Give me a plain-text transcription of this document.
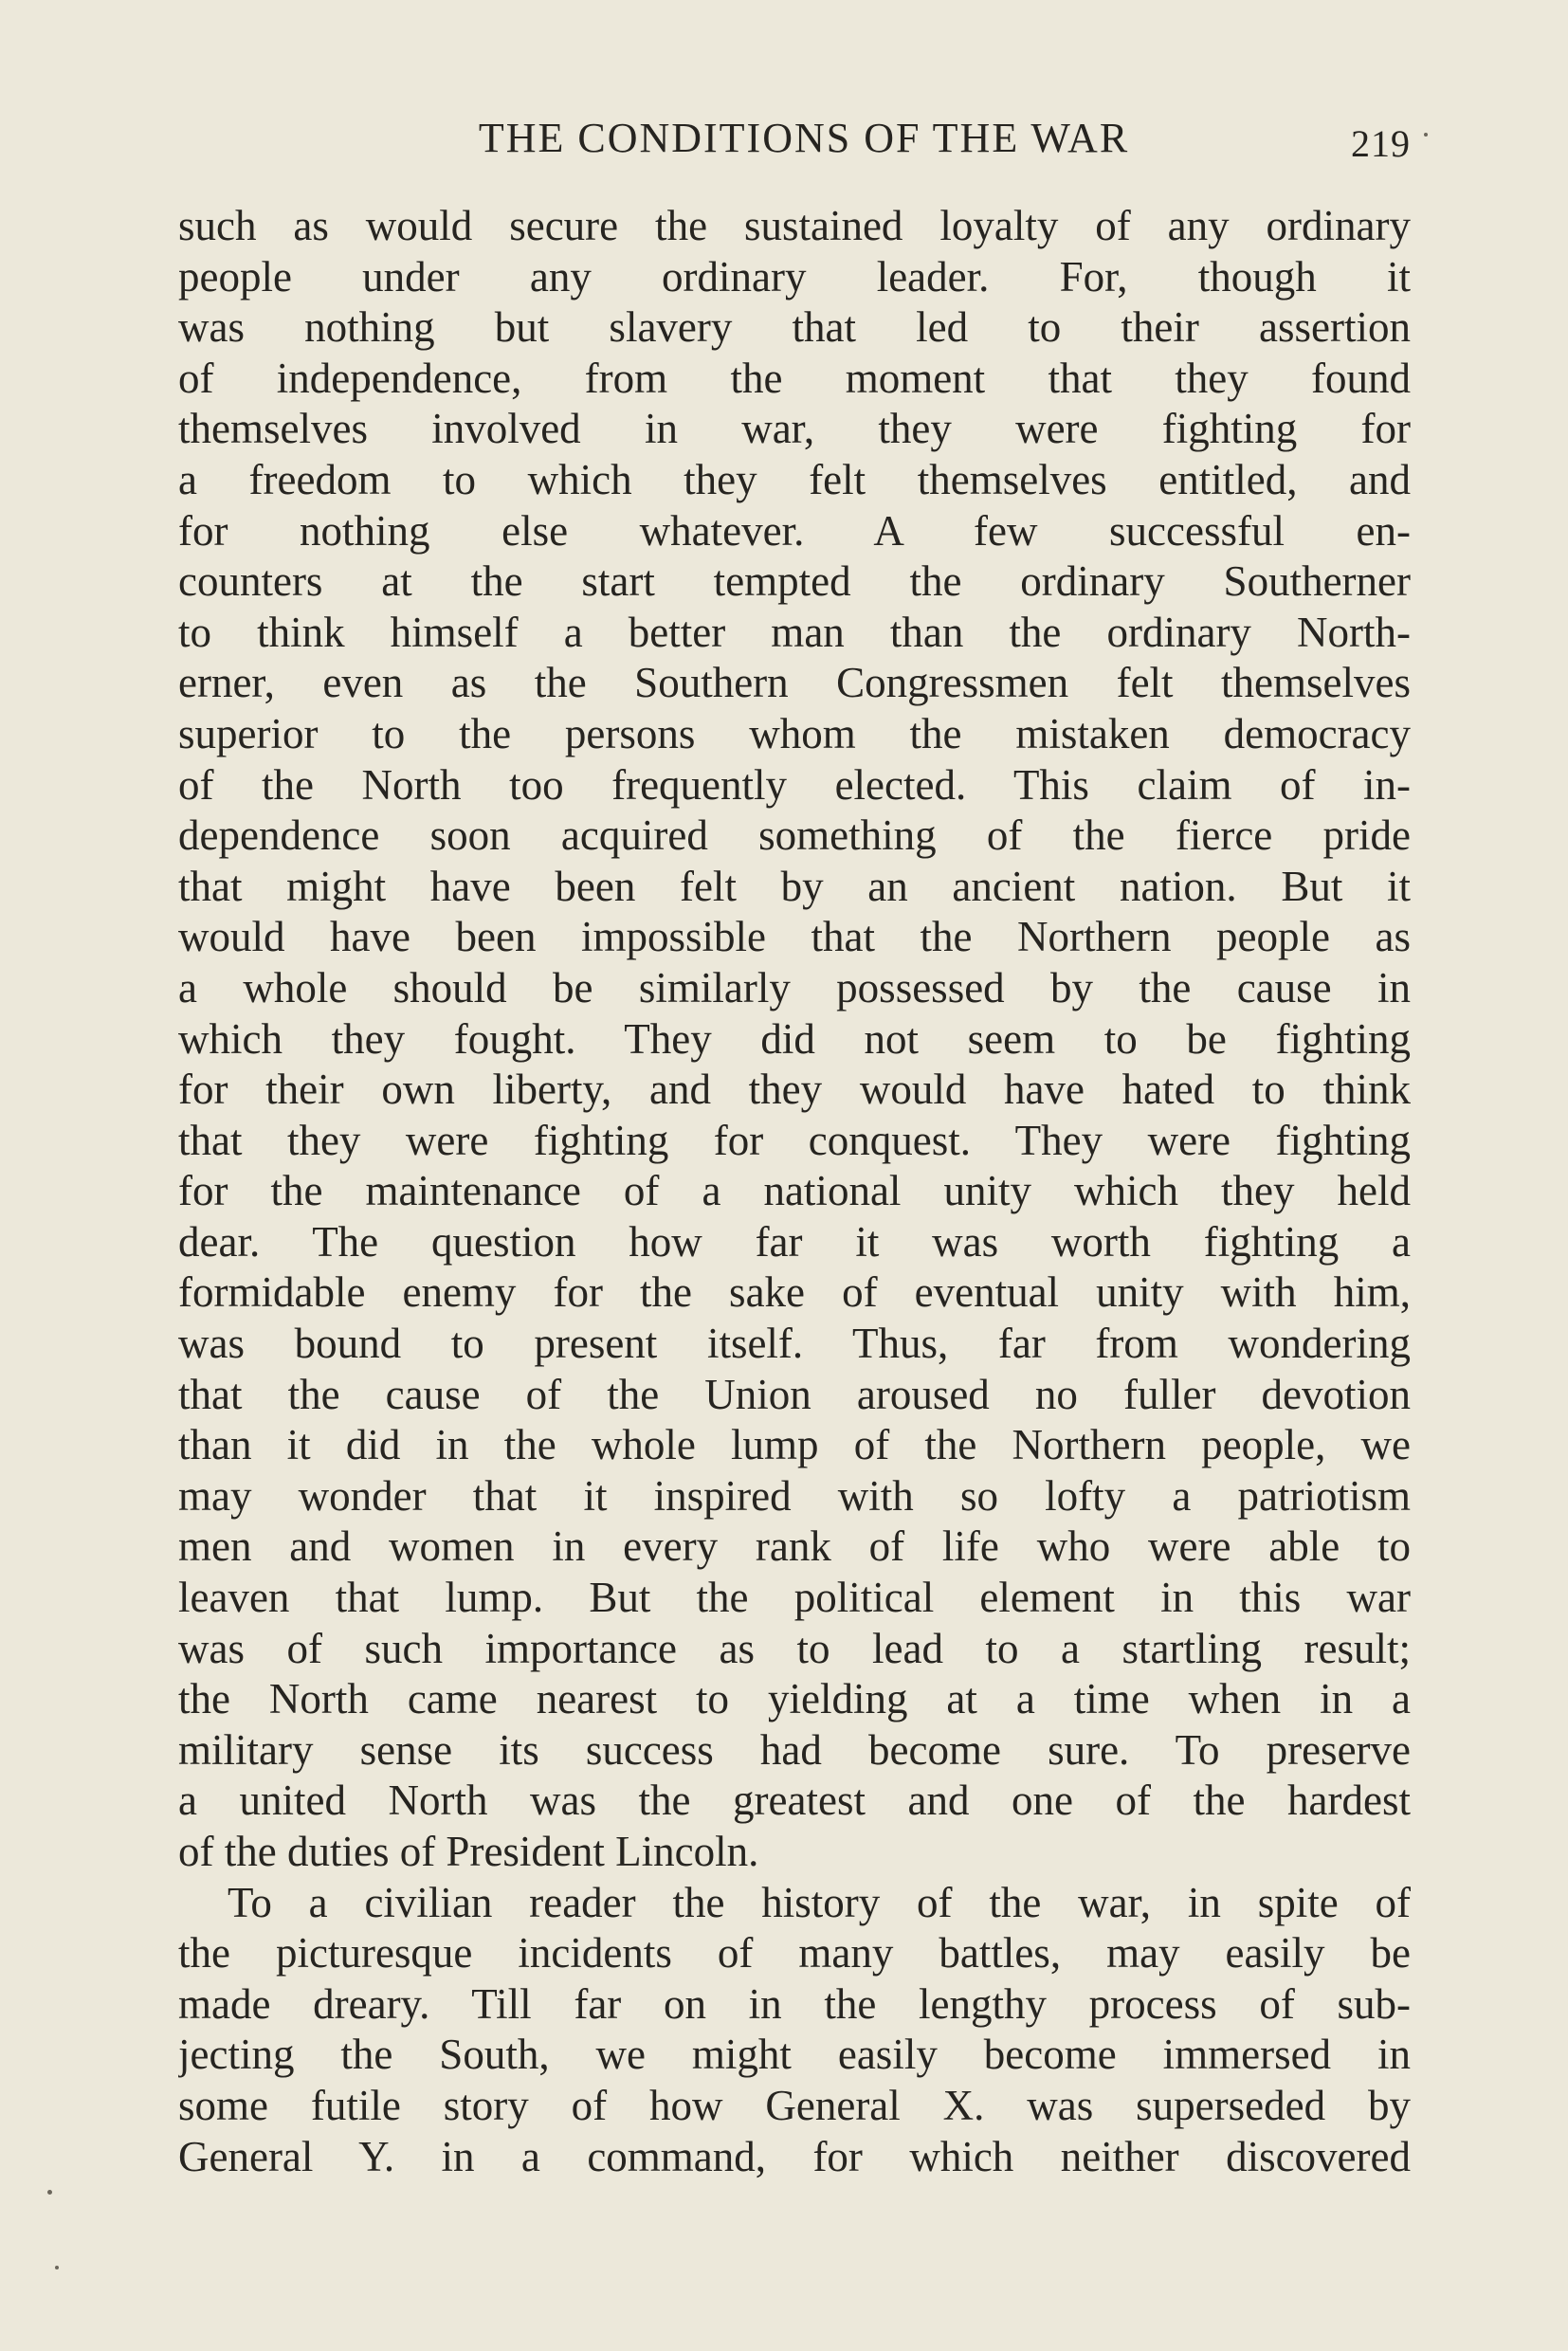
THE CONDITIONS OF THE WAR	219
such as would secure the sustained loyalty of any ordinary
people under any ordinary leader. For, though it
was nothing but slavery that led to their assertion
of independence, from the moment that they found
themselves involved in war, they were fighting for
a freedom to which they felt themselves entitled, and
for nothing else whatever. A few successful en-
counters at the start tempted the ordinary Southerner
to think himself a better man than the ordinary North-
erner, even as the Southern Congressmen felt themselves
superior to the persons whom the mistaken democracy
of the North too frequently elected. This claim of in-
dependence soon acquired something of the fierce pride
that might have been felt by an ancient nation. But it
would have been impossible that the Northern people as
a whole should be similarly possessed by the cause in
which they fought. They did not seem to be fighting
for their own liberty, and they would have hated to think
that they were fighting for conquest. They were fighting
for the maintenance of a national unity which they held
dear. The question how far it was worth fighting a
formidable enemy for the sake of eventual unity with him,
was bound to present itself. Thus, far from wondering
that the cause of the Union aroused no fuller devotion
than it did in the whole lump of the Northern people, we
may wonder that it inspired with so lofty a patriotism
men and women in every rank of life who were able to
leaven that lump. But the political element in this war
was of such importance as to lead to a startling result;
the North came nearest to yielding at a time when in a
military sense its success had become sure. To preserve
a united North was the greatest and one of the hardest
of the duties of President Lincoln.
To a civilian reader the history of the war, in spite of
the picturesque incidents of many battles, may easily be
made dreary. Till far on in the lengthy process of sub-
jecting the South, we might easily become immersed in
some futile story of how General X. was superseded by
General Y. in a command, for which neither discovered
